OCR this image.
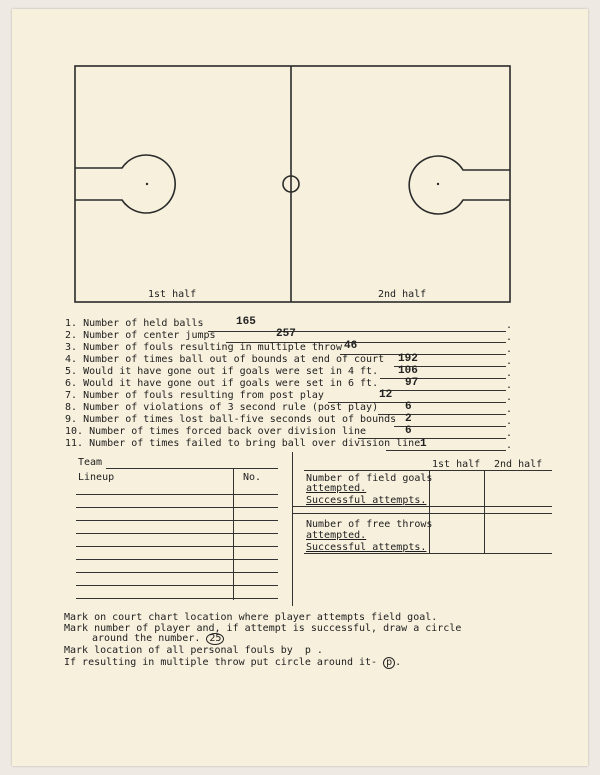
1st half	2nd half
1. Number of held balls	165	.
2. Number of center jumps	257	.
3. Number of fouls resulting in multiple throw 46	.
4. Number of times ball out of bounds at end of court 192	.
5. Would it have gone out if goals were set in 4 ft. 106	.
6. Would it have gone out if goals were set in 6 ft. 97	.
7. Number of fouls resulting from post play	12	.
8. Number of violations of 3 second rule (post play) 6	.
9. Number of times lost ball-five seconds out of bounds 2	.
10. Number of times forced back over division line	6	.
11. Number of times failed to bring ball over division line 1	.
Team
Lineup	No.
1st half 2nd half
Number of field goals
attempted.
Successful attempts.
Number of free throws
attempted.
Successful attempts.
Mark on court chart location where player attempts field goal.
Mark number of player and, if attempt is successful, draw a circle
around the number. 25
Mark location of all personal fouls by  p .
If resulting in multiple throw put circle around it- p .
